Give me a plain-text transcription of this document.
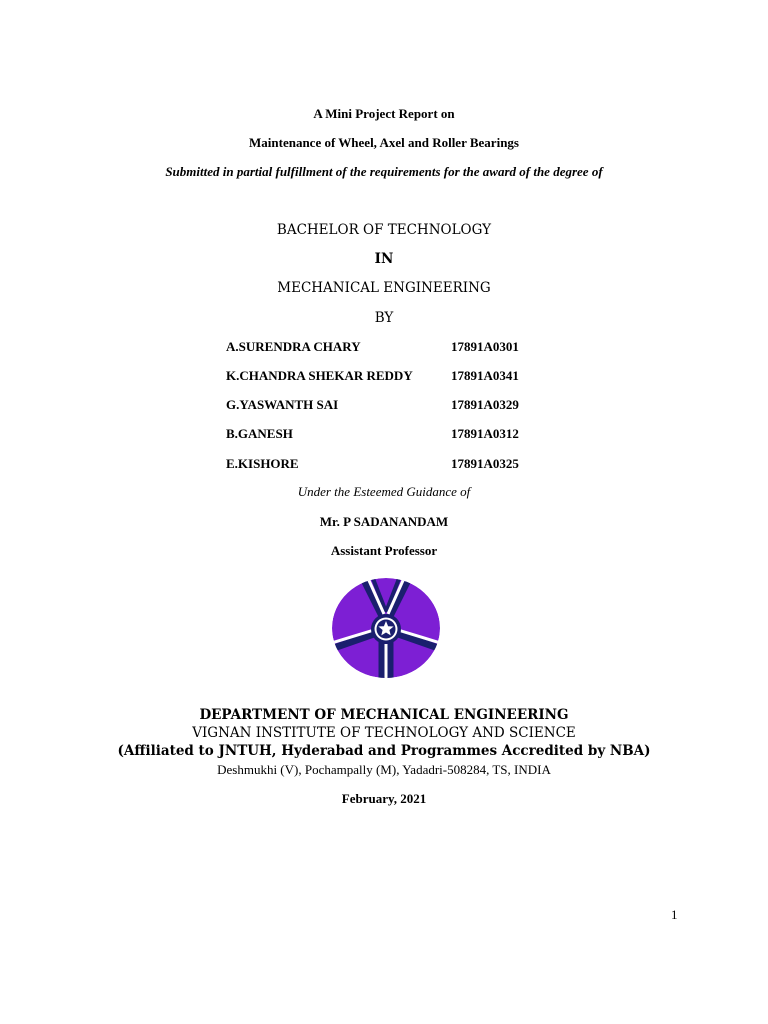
A Mini Project Report on
Maintenance of Wheel, Axel and Roller Bearings
Submitted in partial fulfillment of the requirements for the award of the degree of
BACHELOR OF TECHNOLOGY
IN
MECHANICAL ENGINEERING
BY
A.SURENDRA CHARY	17891A0301
K.CHANDRA SHEKAR REDDY	17891A0341
G.YASWANTH SAI	17891A0329
B.GANESH	17891A0312
E.KISHORE	17891A0325
Under the Esteemed Guidance of
Mr. P SADANANDAM
Assistant Professor
DEPARTMENT OF MECHANICAL ENGINEERING
VIGNAN INSTITUTE OF TECHNOLOGY AND SCIENCE
(Affiliated to JNTUH, Hyderabad and Programmes Accredited by NBA)
Deshmukhi (V), Pochampally (M), Yadadri-508284, TS, INDIA
February, 2021
1
